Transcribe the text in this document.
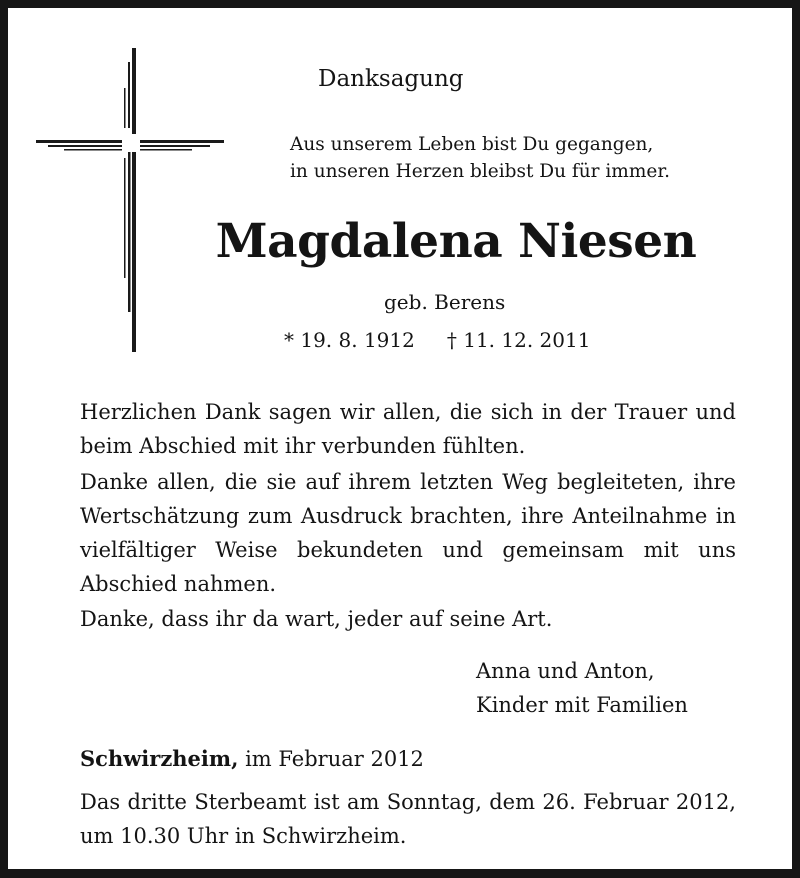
Danksagung
Aus unserem Leben bist Du gegangen,
in unseren Herzen bleibst Du für immer.
Magdalena Niesen
geb. Berens
* 19. 8. 1912 † 11. 12. 2011
Herzlichen Dank sagen wir allen, die sich in der Trauer und beim Abschied mit ihr verbunden fühlten.
Danke allen, die sie auf ihrem letzten Weg begleiteten, ihre Wertschätzung zum Ausdruck brachten, ihre Anteilnahme in vielfältiger Weise bekundeten und gemeinsam mit uns Abschied nahmen.
Danke, dass ihr da wart, jeder auf seine Art.
Anna und Anton,
Kinder mit Familien
Schwirzheim, im Februar 2012
Das dritte Sterbeamt ist am Sonntag, dem 26. Februar 2012, um 10.30 Uhr in Schwirzheim.
